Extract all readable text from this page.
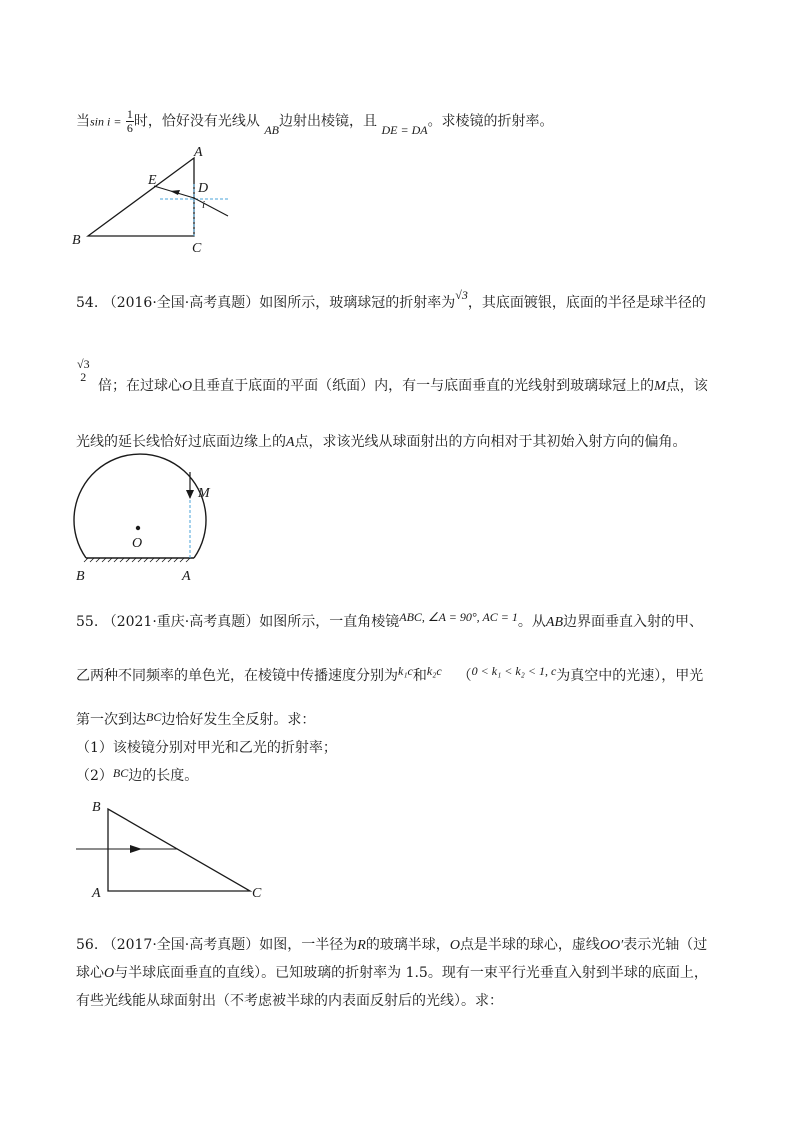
当$\sin i = \frac{1}{6}$ 时，恰好没有光线从 AB边射出棱镜，且 DE = DA。求棱镜的折射率。
A
B
C
D
E
i
54. （2016·全国·高考真题）如图所示，玻璃球冠的折射率为√3，其底面镀银，底面的半径是球半径的
√3
2
倍；在过球心O且垂直于底面的平面（纸面）内，有一与底面垂直的光线射到玻璃球冠上的M点，该
光线的延长线恰好过底面边缘上的A点，求该光线从球面射出的方向相对于其初始入射方向的偏角。
M
O
B	A
55. （2021·重庆·高考真题）如图所示，一直角棱镜ABC, ∠A = 90°, AC = 1。从AB边界面垂直入射的甲、
乙两种不同频率的单色光，在棱镜中传播速度分别为k₁c和k₂c （0 < k₁ < k₂ < 1, c为真空中的光速），甲光
第一次到达BC边恰好发生全反射。求：
（1）该棱镜分别对甲光和乙光的折射率；
（2）BC边的长度。
B
A	C
56. （2017·全国·高考真题）如图，一半径为R的玻璃半球，O点是半球的球心，虚线OO′表示光轴（过
球心O与半球底面垂直的直线）。已知玻璃的折射率为 1.5。现有一束平行光垂直入射到半球的底面上，
有些光线能从球面射出（不考虑被半球的内表面反射后的光线）。求：
